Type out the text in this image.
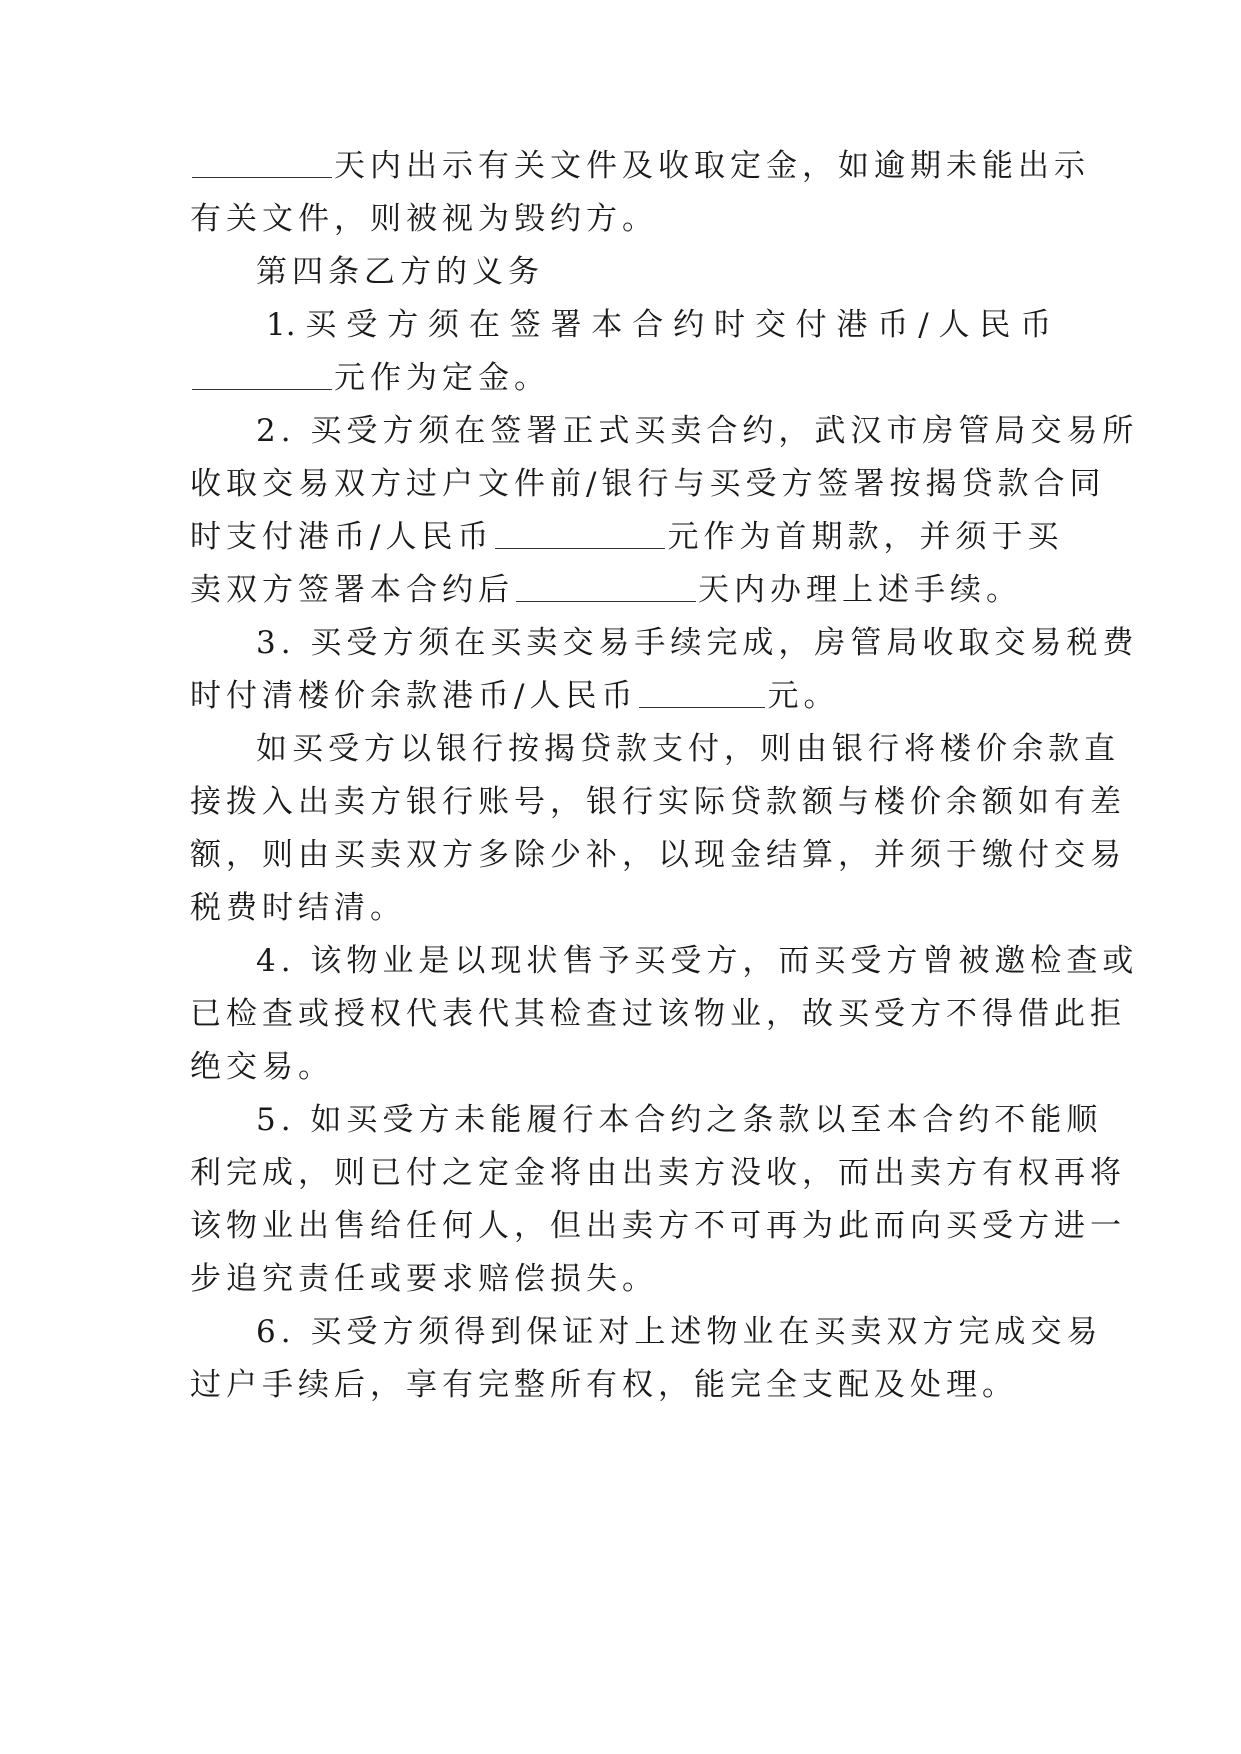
天内出示有关文件及收取定金，如逾期未能出示
有关文件，则被视为毁约方。
第四条乙方的义务
1. 买 受 方 须 在 签 署 本 合 约 时 交 付 港 币 / 人 民 币
元作为定金。
2. 买受方须在签署正式买卖合约，武汉市房管局交易所
收取交易双方过户文件前/银行与买受方签署按揭贷款合同
时支付港币/人民币	元作为首期款，并须于买
卖双方签署本合约后	天内办理上述手续。
3. 买受方须在买卖交易手续完成，房管局收取交易税费
时付清楼价余款港币/人民币	元。
如买受方以银行按揭贷款支付，则由银行将楼价余款直
接拨入出卖方银行账号，银行实际贷款额与楼价余额如有差
额，则由买卖双方多除少补，以现金结算，并须于缴付交易
税费时结清。
4. 该物业是以现状售予买受方，而买受方曾被邀检查或
已检查或授权代表代其检查过该物业，故买受方不得借此拒
绝交易。
5. 如买受方未能履行本合约之条款以至本合约不能顺
利完成，则已付之定金将由出卖方没收，而出卖方有权再将
该物业出售给任何人，但出卖方不可再为此而向买受方进一
步追究责任或要求赔偿损失。
6. 买受方须得到保证对上述物业在买卖双方完成交易
过户手续后，享有完整所有权，能完全支配及处理。
